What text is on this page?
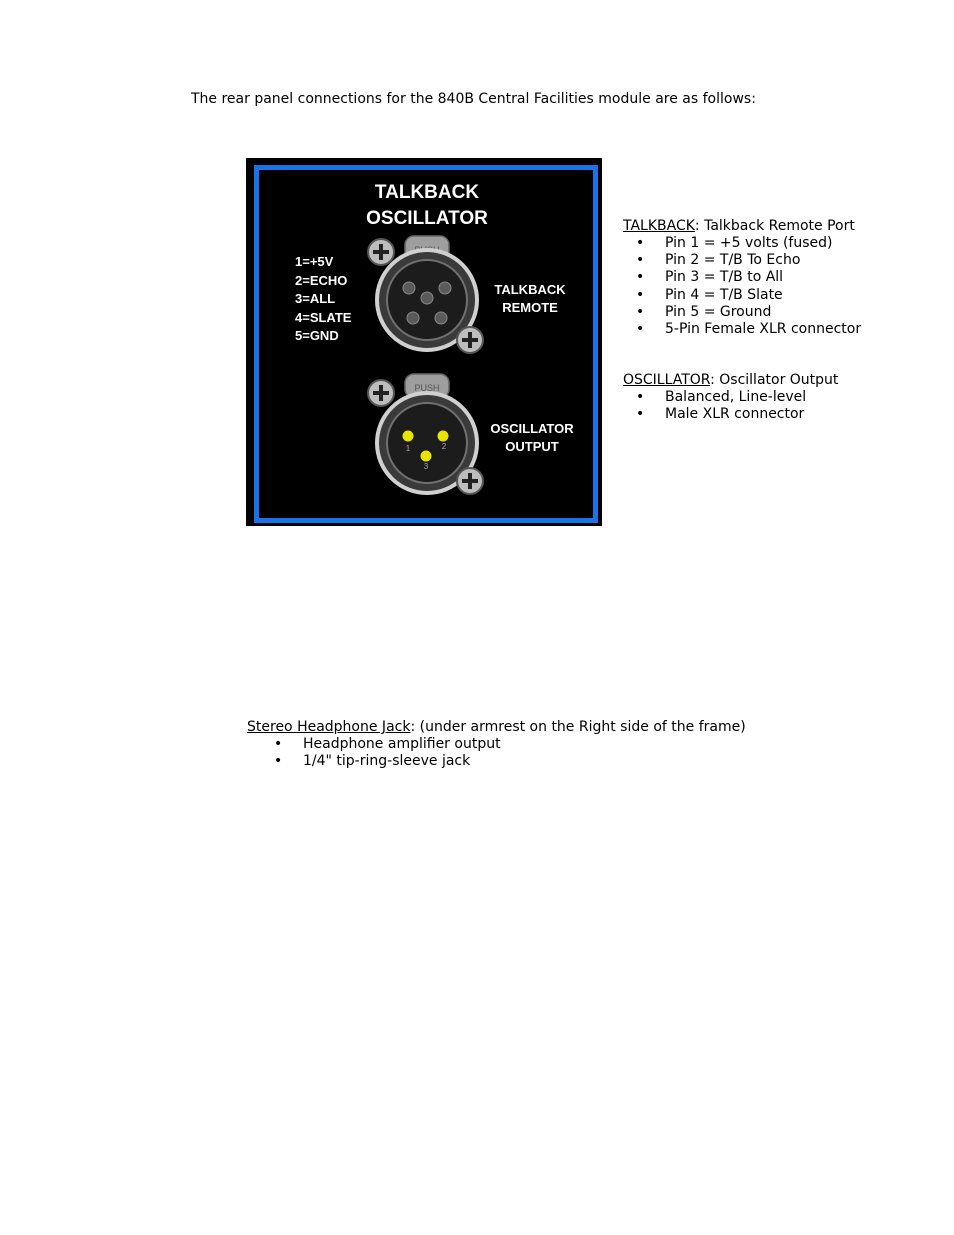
The rear panel connections for the 840B Central Facilities module are as follows:
TALKBACK
OSCILLATOR
1=+5V
2=ECHO
3=ALL
4=SLATE
5=GND
TALKBACK
REMOTE
PUSH
1	2
3
OSCILLATOR
OUTPUT
TALKBACK: Talkback Remote Port
• Pin 1 = +5 volts (fused)
• Pin 2 = T/B To Echo
• Pin 3 = T/B to All
• Pin 4 = T/B Slate
• Pin 5 = Ground
• 5-Pin Female XLR connector
OSCILLATOR: Oscillator Output
• Balanced, Line-level
• Male XLR connector
Stereo Headphone Jack: (under armrest on the Right side of the frame)
• Headphone amplifier output
• 1/4" tip-ring-sleeve jack
